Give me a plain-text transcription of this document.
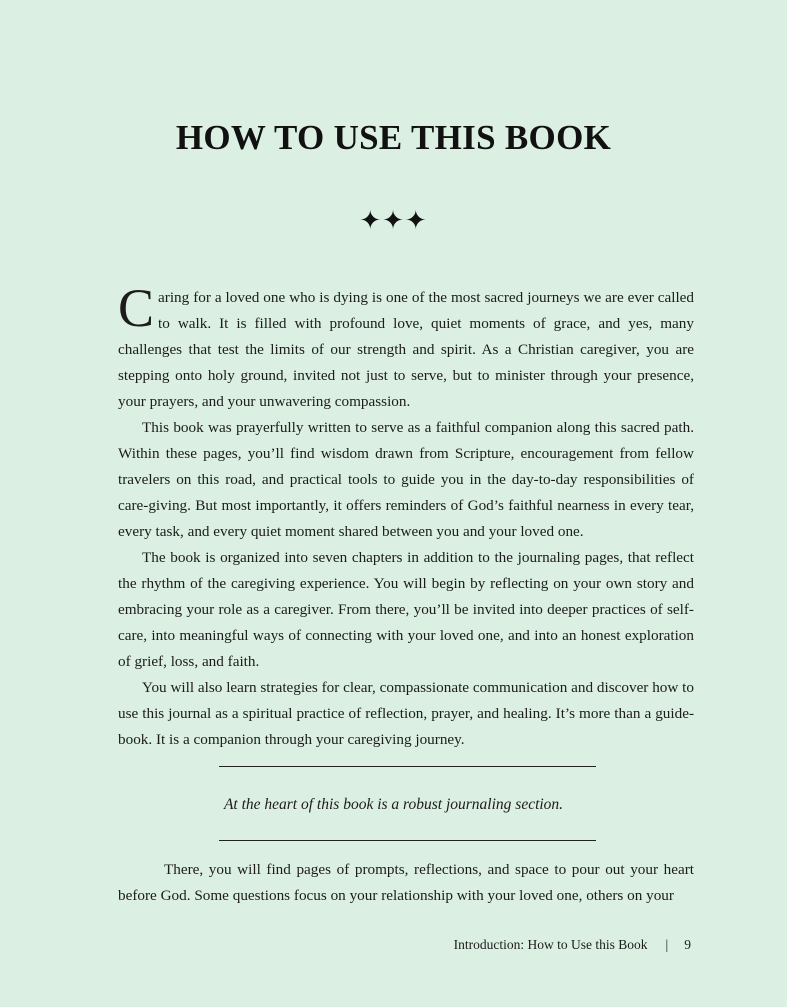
HOW TO USE THIS BOOK
✦✦✦

Caring for a loved one who is dying is one of the most sacred journeys we are ever called to walk. It is filled with profound love, quiet moments of grace, and yes, many challenges that test the limits of our strength and spirit. As a Christian caregiver, you are stepping onto holy ground, invited not just to serve, but to minister through your presence, your prayers, and your unwavering compassion.

This book was prayerfully written to serve as a faithful companion along this sacred path. Within these pages, you’ll find wisdom drawn from Scripture, encouragement from fellow travelers on this road, and practical tools to guide you in the day-to-day responsibilities of care-giving. But most importantly, it offers reminders of God’s faithful nearness in every tear, every task, and every quiet moment shared between you and your loved one.

The book is organized into seven chapters in addition to the journaling pages, that reflect the rhythm of the caregiving experience. You will begin by reflecting on your own story and embracing your role as a caregiver. From there, you’ll be invited into deeper practices of self-care, into meaningful ways of connecting with your loved one, and into an honest exploration of grief, loss, and faith.

You will also learn strategies for clear, compassionate communication and discover how to use this journal as a spiritual practice of reflection, prayer, and healing. It’s more than a guide-book. It is a companion through your caregiving journey.

At the heart of this book is a robust journaling section.

There, you will find pages of prompts, reflections, and space to pour out your heart before God. Some questions focus on your relationship with your loved one, others on your

Introduction: How to Use this Book | 9
